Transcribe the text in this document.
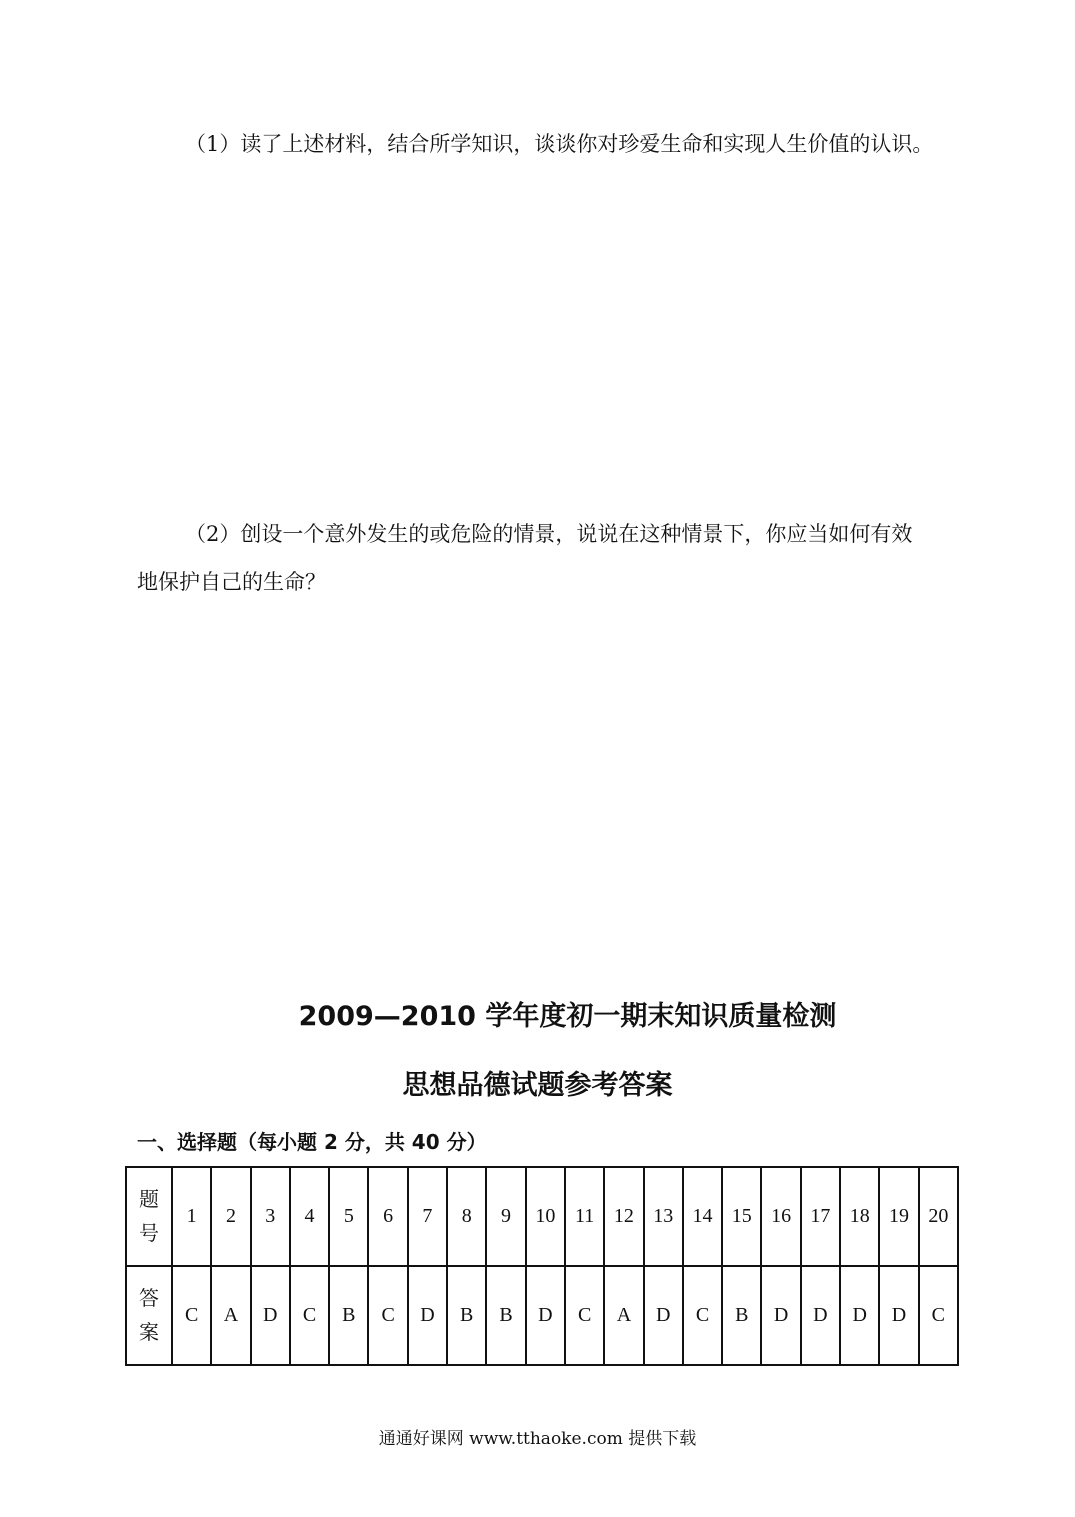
（1）读了上述材料，结合所学知识，谈谈你对珍爱生命和实现人生价值的认识。
（2）创设一个意外发生的或危险的情景，说说在这种情景下，你应当如何有效
地保护自己的生命？
2009—2010 学年度初一期末知识质量检测
思想品德试题参考答案
一、选择题（每小题 2 分，共 40 分）
题
号	1	2	3	4	5	6	7	8	9	10	11	12	13	14	15	16	17	18	19	20
答
案	C	A	D	C	B	C	D	B	B	D	C	A	D	C	B	D	D	D	D	C
通通好课网 www.tthaoke.com 提供下载
